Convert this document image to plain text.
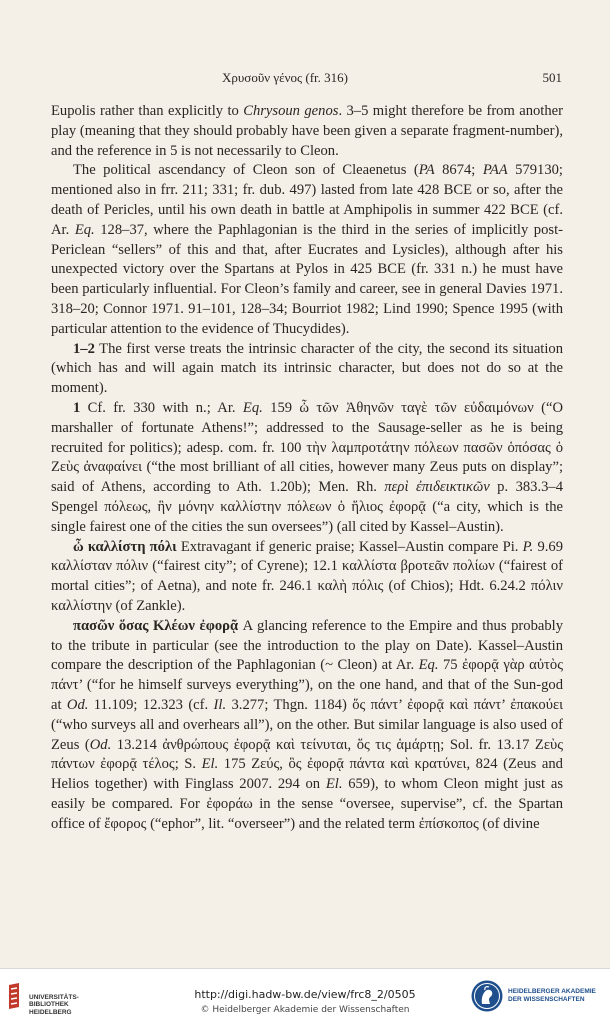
Χρυσοῦν γένος (fr. 316)	501

Eupolis rather than explicitly to Chrysoun genos. 3–5 might therefore be from another play (meaning that they should probably have been given a separate fragment-number), and the reference in 5 is not necessarily to Cleon.

The political ascendancy of Cleon son of Cleaenetus (PA 8674; PAA 579130; mentioned also in frr. 211; 331; fr. dub. 497) lasted from late 428 BCE or so, after the death of Pericles, until his own death in battle at Amphipolis in summer 422 BCE (cf. Ar. Eq. 128–37, where the Paphlagonian is the third in the series of implicitly post-Periclean “sellers” of this and that, after Eucrates and Lysicles), although after his unexpected victory over the Spartans at Pylos in 425 BCE (fr. 331 n.) he must have been particularly influential. For Cleon’s family and career, see in general Davies 1971. 318–20; Connor 1971. 91–101, 128–34; Bourriot 1982; Lind 1990; Spence 1995 (with particular attention to the evidence of Thucydides).

1–2 The first verse treats the intrinsic character of the city, the second its situation (which has and will again match its intrinsic character, but does not do so at the moment).

1 Cf. fr. 330 with n.; Ar. Eq. 159 ὦ τῶν Ἀθηνῶν ταγὲ τῶν εὐδαιμόνων (“O marshaller of fortunate Athens!”; addressed to the Sausage-seller as he is being recruited for politics); adesp. com. fr. 100 τὴν λαμπροτάτην πόλεων πασῶν ὁπόσας ὁ Ζεὺς ἀναφαίνει (“the most brilliant of all cities, however many Zeus puts on display”; said of Athens, according to Ath. 1.20b); Men. Rh. περὶ ἐπιδεικτικῶν p. 383.3–4 Spengel πόλεως, ἣν μόνην καλλίστην πόλεων ὁ ἥλιος ἐφορᾷ (“a city, which is the single fairest one of the cities the sun oversees”) (all cited by Kassel–Austin).

ὦ καλλίστη πόλι Extravagant if generic praise; Kassel–Austin compare Pi. P. 9.69 καλλίσταν πόλιν (“fairest city”; of Cyrene); 12.1 καλλίστα βροτεᾶν πολίων (“fairest of mortal cities”; of Aetna), and note fr. 246.1 καλὴ πόλις (of Chios); Hdt. 6.24.2 πόλιν καλλίστην (of Zankle).

πασῶν ὅσας Κλέων ἐφορᾷ A glancing reference to the Empire and thus probably to the tribute in particular (see the introduction to the play on Date). Kassel–Austin compare the description of the Paphlagonian (~ Cleon) at Ar. Eq. 75 ἐφορᾷ γὰρ αὐτὸς πάντ’ (“for he himself surveys everything”), on the one hand, and that of the Sun-god at Od. 11.109; 12.323 (cf. Il. 3.277; Thgn. 1184) ὅς πάντ’ ἐφορᾷ καὶ πάντ’ ἐπακούει (“who surveys all and overhears all”), on the other. But similar language is also used of Zeus (Od. 13.214 ἀνθρώπους ἐφορᾷ καὶ τείνυται, ὅς τις ἁμάρτῃ; Sol. fr. 13.17 Ζεὺς πάντων ἐφορᾷ τέλος; S. El. 175 Ζεύς, ὃς ἐφορᾷ πάντα καὶ κρατύνει, 824 (Zeus and Helios together) with Finglass 2007. 294 on El. 659), to whom Cleon might just as easily be compared. For ἐφοράω in the sense “oversee, supervise”, cf. the Spartan office of ἔφορος (“ephor”, lit. “overseer”) and the related term ἐπίσκοπος (of divine

UNIVERSITÄTS-
BIBLIOTHEK
HEIDELBERG
http://digi.hadw-bw.de/view/frc8_2/0505
© Heidelberger Akademie der Wissenschaften
HEIDELBERGER AKADEMIE
DER WISSENSCHAFTEN
